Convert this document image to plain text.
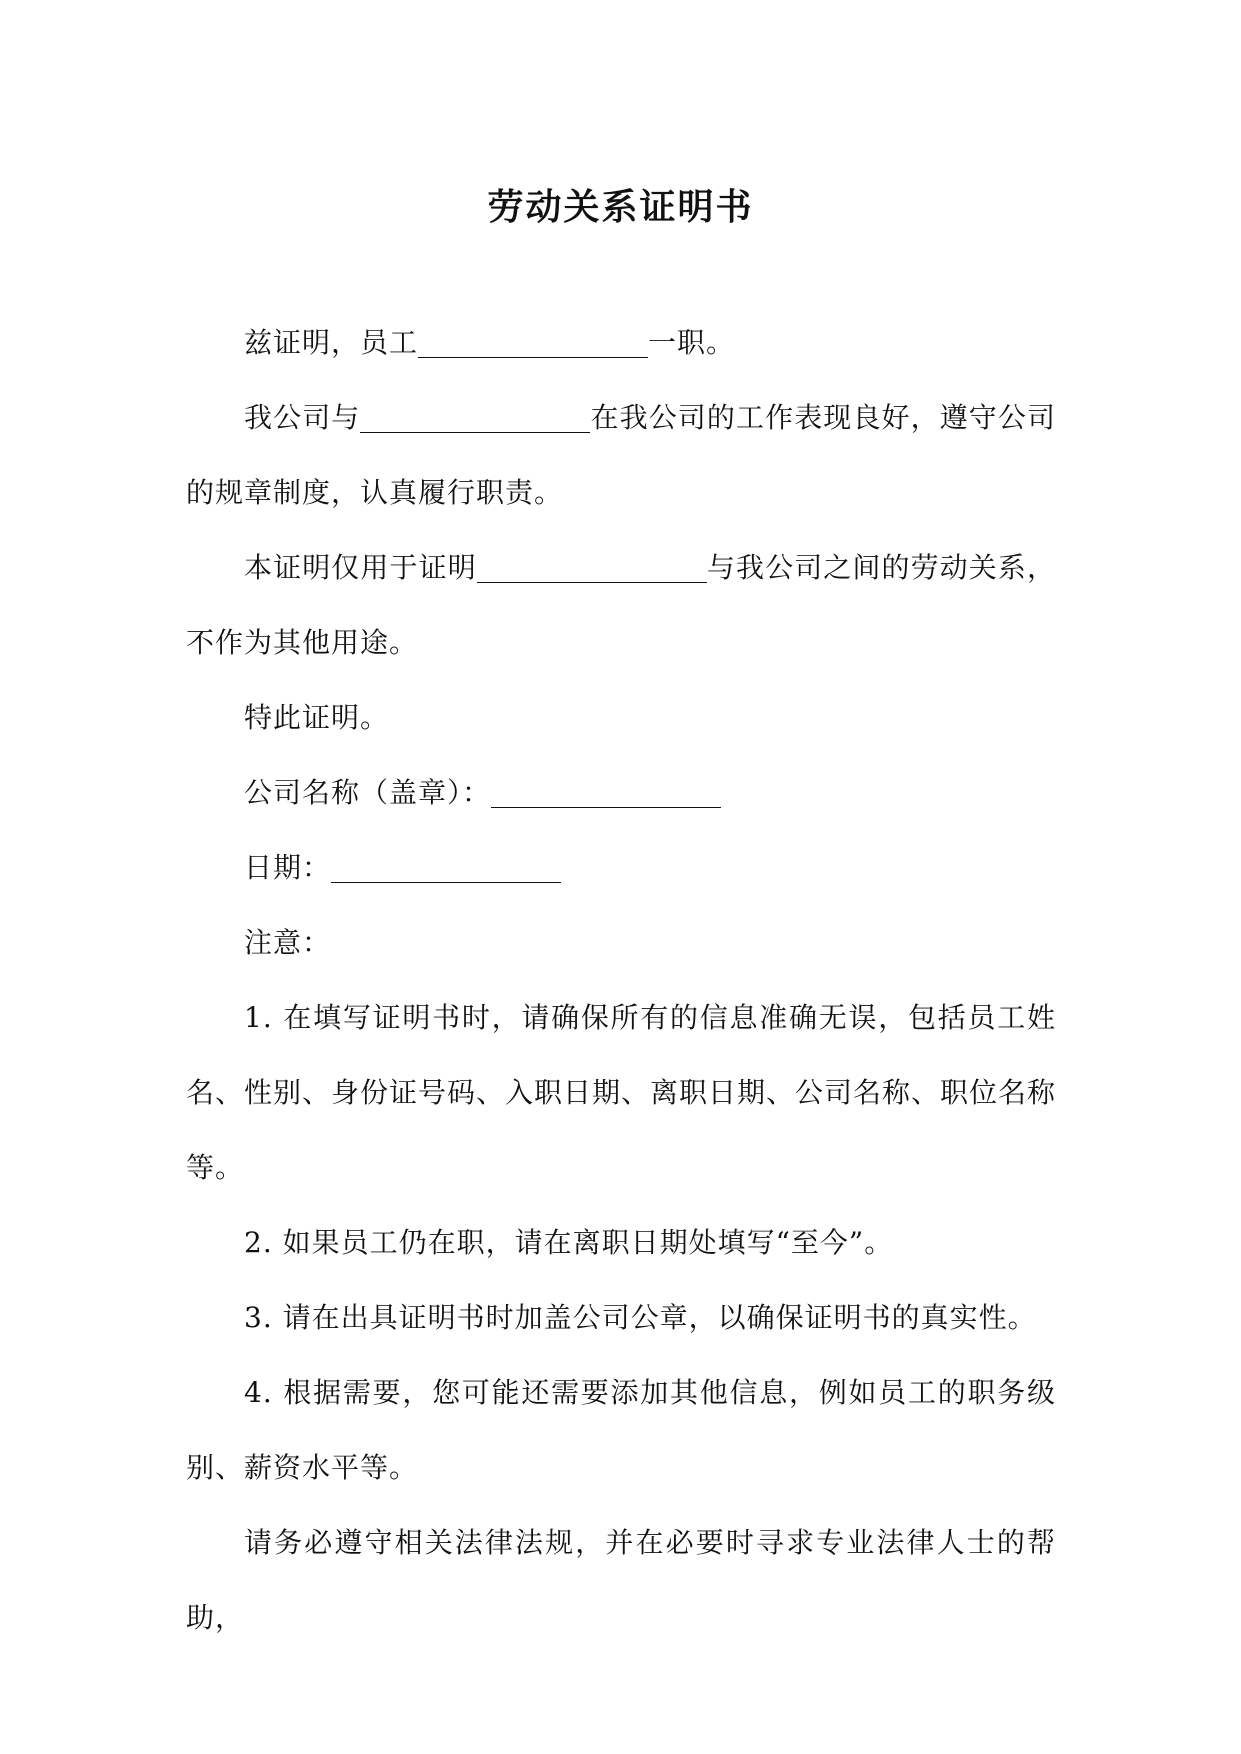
劳动关系证明书

兹证明，员工	一职。

我公司与	在我公司的工作表现良好，遵守公司的规章制度，认真履行职责。

本证明仅用于证明	与我公司之间的劳动关系，不作为其他用途。

特此证明。

公司名称（盖章）：

日期：

注意：

1. 在填写证明书时，请确保所有的信息准确无误，包括员工姓名、性别、身份证号码、入职日期、离职日期、公司名称、职位名称等。

2. 如果员工仍在职，请在离职日期处填写“至今”。

3. 请在出具证明书时加盖公司公章，以确保证明书的真实性。

4. 根据需要，您可能还需要添加其他信息，例如员工的职务级别、薪资水平等。

请务必遵守相关法律法规，并在必要时寻求专业法律人士的帮助，
